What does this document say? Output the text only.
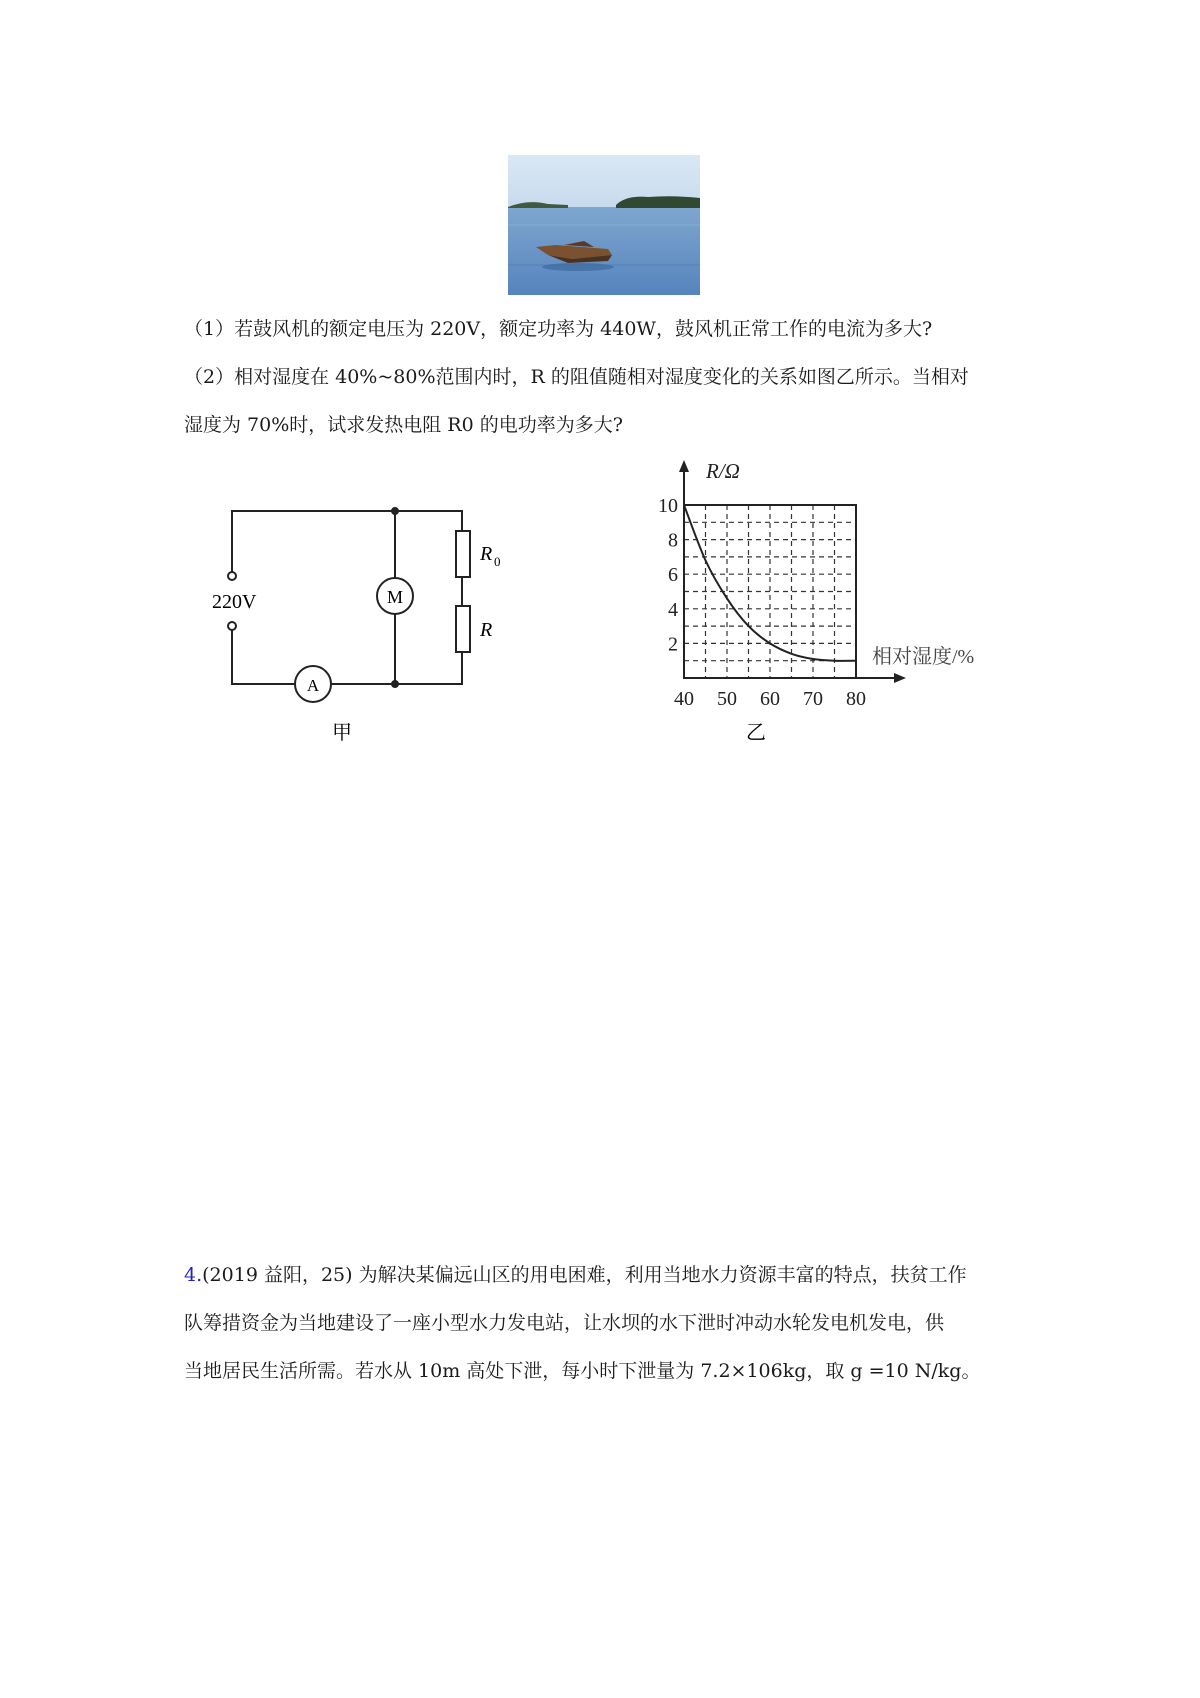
（1）若鼓风机的额定电压为 220V，额定功率为 440W，鼓风机正常工作的电流为多大?
（2）相对湿度在 40%~80%范围内时，R 的阻值随相对湿度变化的关系如图乙所示。当相对
湿度为 70%时，试求发热电阻 R0 的电功率为多大?
220V	M
A
R 0
R
甲
40 50 60 70 80
10
8
6
4
2
R/Ω
相对湿度/%
乙
4.(2019 益阳，25) 为解决某偏远山区的用电困难，利用当地水力资源丰富的特点，扶贫工作
队筹措资金为当地建设了一座小型水力发电站，让水坝的水下泄时冲动水轮发电机发电，供
当地居民生活所需。若水从 10m 高处下泄，每小时下泄量为 7.2×106kg，取 g =10 N/kg。
